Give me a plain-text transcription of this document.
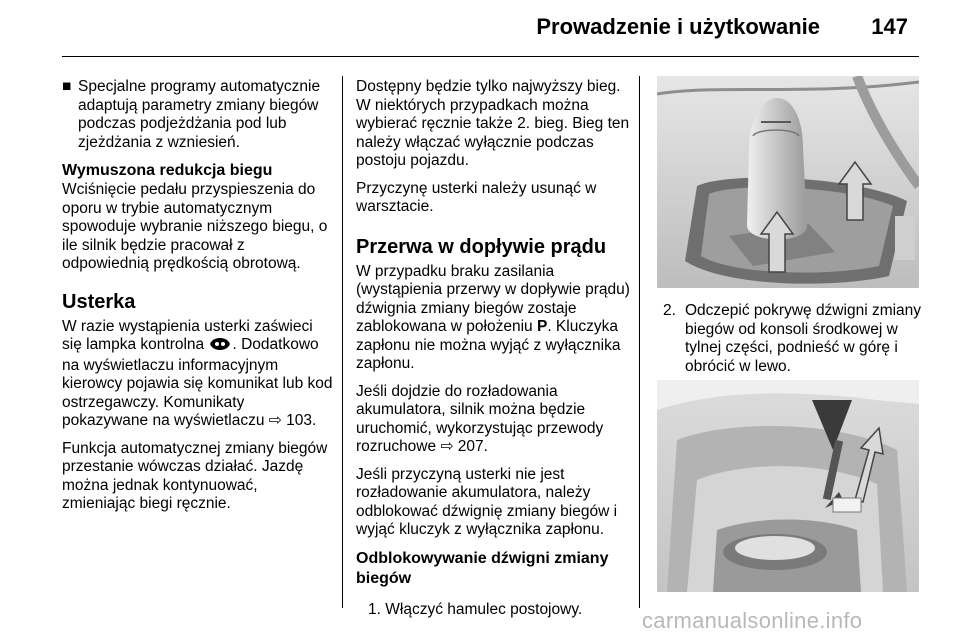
Prowadzenie i użytkowanie 147
■ Specjalne programy automatycznie adaptują parametry zmiany biegów podczas podjeżdżania pod lub zjeżdżania z wzniesień.
Wymuszona redukcja biegu

Wciśnięcie pedału przyspieszenia do oporu w trybie automatycznym spowoduje wybranie niższego biegu, o ile silnik będzie pracował z odpowiednią prędkością obrotową.

Usterka

W razie wystąpienia usterki zaświeci się lampka kontrolna . Dodatkowo na wyświetlaczu informacyjnym kierowcy pojawia się komunikat lub kod ostrzegawczy. Komunikaty pokazywane na wyświetlaczu ⇨ 103.

Funkcja automatycznej zmiany biegów przestanie wówczas działać. Jazdę można jednak kontynuować, zmieniając biegi ręcznie.

Dostępny będzie tylko najwyższy bieg. W niektórych przypadkach można wybierać ręcznie także 2. bieg. Bieg ten należy włączać wyłącznie podczas postoju pojazdu.

Przyczynę usterki należy usunąć w warsztacie.

Przerwa w dopływie prądu

W przypadku braku zasilania (wystąpienia przerwy w dopływie prądu) dźwignia zmiany biegów zostaje zablokowana w położeniu P. Kluczyka zapłonu nie można wyjąć z wyłącznika zapłonu.

Jeśli dojdzie do rozładowania akumulatora, silnik można będzie uruchomić, wykorzystując przewody rozruchowe ⇨ 207.

Jeśli przyczyną usterki nie jest rozładowanie akumulatora, należy odblokować dźwignię zmiany biegów i wyjąć kluczyk z wyłącznika zapłonu.

Odblokowywanie dźwigni zmiany biegów
1. Włączyć hamulec postojowy.
2. Odczepić pokrywę dźwigni zmiany biegów od konsoli środkowej w tylnej części, podnieść w górę i obrócić w lewo.
carmanualsonline.info
